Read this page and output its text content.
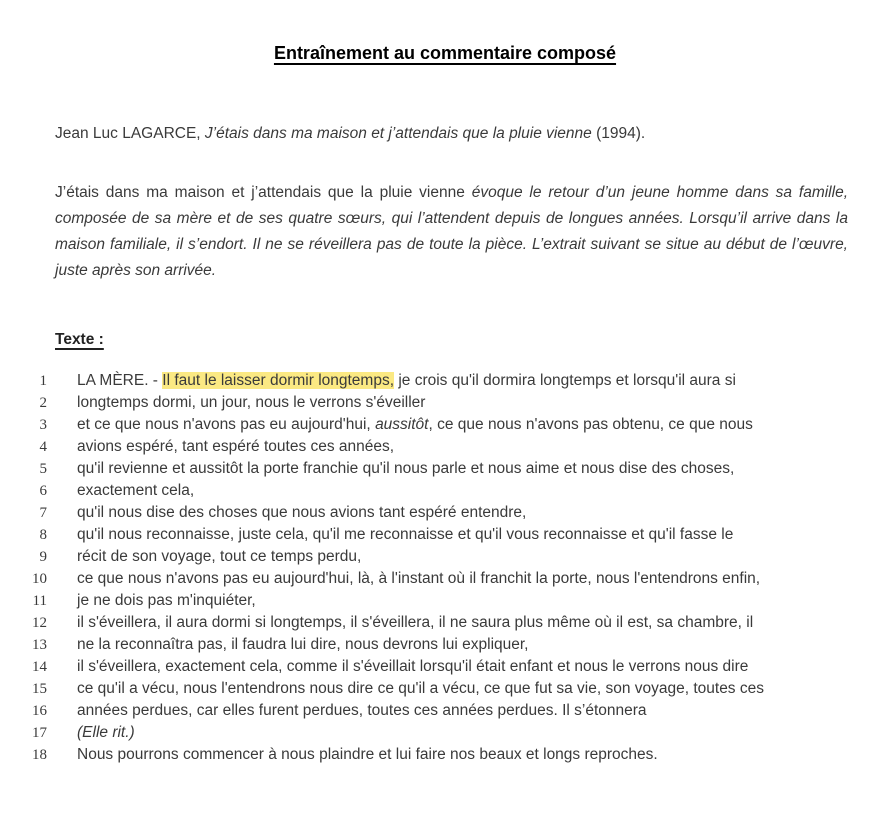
Entraînement au commentaire composé

Jean Luc LAGARCE, J’étais dans ma maison et j’attendais que la pluie vienne (1994).

J’étais dans ma maison et j’attendais que la pluie vienne évoque le retour d’un jeune homme dans sa famille, composée de sa mère et de ses quatre sœurs, qui l’attendent depuis de longues années. Lorsqu’il arrive dans la maison familiale, il s’endort. Il ne se réveillera pas de toute la pièce. L’extrait suivant se situe au début de l’œuvre, juste après son arrivée.

Texte :
1 LA MÈRE. - Il faut le laisser dormir longtemps, je crois qu'il dormira longtemps et lorsqu'il aura si
2 longtemps dormi, un jour, nous le verrons s'éveiller
3 et ce que nous n'avons pas eu aujourd'hui, aussitôt, ce que nous n'avons pas obtenu, ce que nous
4 avions espéré, tant espéré toutes ces années,
5 qu'il revienne et aussitôt la porte franchie qu'il nous parle et nous aime et nous dise des choses,
6 exactement cela,
7 qu'il nous dise des choses que nous avions tant espéré entendre,
8 qu'il nous reconnaisse, juste cela, qu'il me reconnaisse et qu'il vous reconnaisse et qu'il fasse le
9 récit de son voyage, tout ce temps perdu,
10 ce que nous n'avons pas eu aujourd'hui, là, à l'instant où il franchit la porte, nous l'entendrons enfin,
11 je ne dois pas m'inquiéter,
12 il s'éveillera, il aura dormi si longtemps, il s'éveillera, il ne saura plus même où il est, sa chambre, il
13 ne la reconnaîtra pas, il faudra lui dire, nous devrons lui expliquer,
14 il s'éveillera, exactement cela, comme il s'éveillait lorsqu'il était enfant et nous le verrons nous dire
15 ce qu'il a vécu, nous l'entendrons nous dire ce qu'il a vécu, ce que fut sa vie, son voyage, toutes ces
16 années perdues, car elles furent perdues, toutes ces années perdues. Il s’étonnera
17 (Elle rit.)
18 Nous pourrons commencer à nous plaindre et lui faire nos beaux et longs reproches.
